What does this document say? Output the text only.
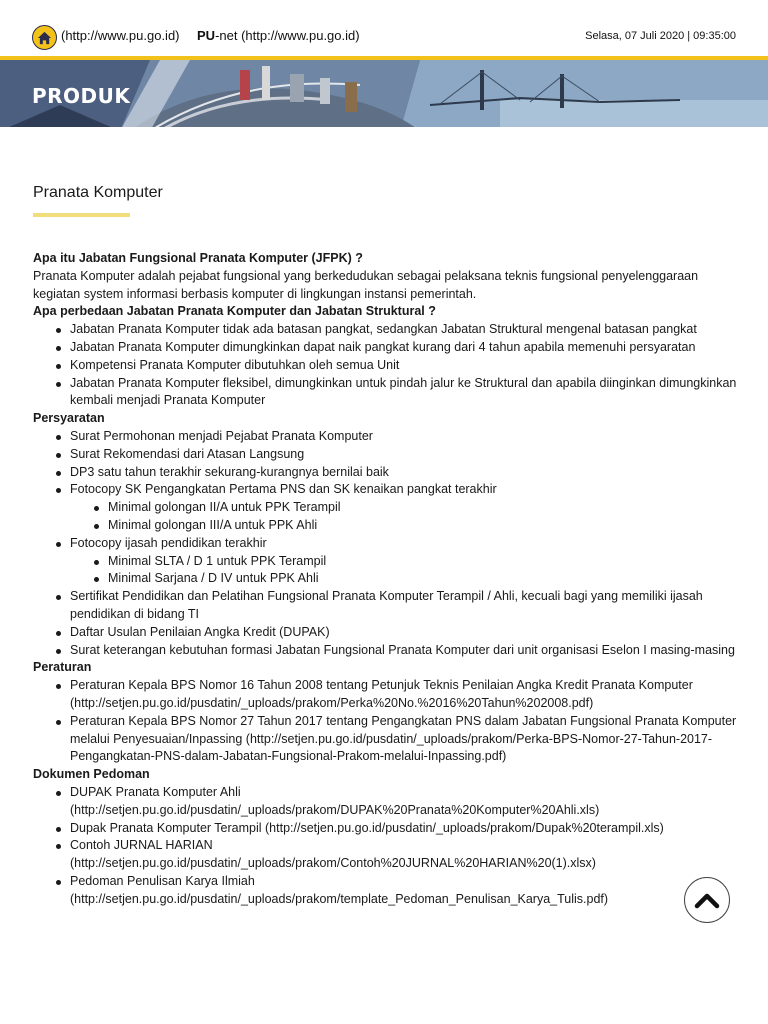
(http://www.pu.go.id) PU-net (http://www.pu.go.id)	Selasa, 07 Juli 2020 | 09:35:00
PRODUK
Pranata Komputer
Apa itu Jabatan Fungsional Pranata Komputer (JFPK) ?

Pranata Komputer adalah pejabat fungsional yang berkedudukan sebagai pelaksana teknis fungsional penyelenggaraan kegiatan system informasi berbasis komputer di lingkungan instansi pemerintah.

Apa perbedaan Jabatan Pranata Komputer dan Jabatan Struktural ?
Jabatan Pranata Komputer tidak ada batasan pangkat, sedangkan Jabatan Struktural mengenal batasan pangkat
Jabatan Pranata Komputer dimungkinkan dapat naik pangkat kurang dari 4 tahun apabila memenuhi persyaratan
Kompetensi Pranata Komputer dibutuhkan oleh semua Unit
Jabatan Pranata Komputer fleksibel, dimungkinkan untuk pindah jalur ke Struktural dan apabila diinginkan dimungkinkan kembali menjadi Pranata Komputer
Persyaratan
Surat Permohonan menjadi Pejabat Pranata Komputer
Surat Rekomendasi dari Atasan Langsung
DP3 satu tahun terakhir sekurang-kurangnya bernilai baik
Fotocopy SK Pengangkatan Pertama PNS dan SK kenaikan pangkat terakhir
Minimal golongan II/A untuk PPK Terampil
Minimal golongan III/A untuk PPK Ahli
Fotocopy ijasah pendidikan terakhir
Minimal SLTA / D 1 untuk PPK Terampil
Minimal Sarjana / D IV untuk PPK Ahli
Sertifikat Pendidikan dan Pelatihan Fungsional Pranata Komputer Terampil / Ahli, kecuali bagi yang memiliki ijasah pendidikan di bidang TI
Daftar Usulan Penilaian Angka Kredit (DUPAK)
Surat keterangan kebutuhan formasi Jabatan Fungsional Pranata Komputer dari unit organisasi Eselon I masing-masing
Peraturan
Peraturan Kepala BPS Nomor 16 Tahun 2008 tentang Petunjuk Teknis Penilaian Angka Kredit Pranata Komputer (http://setjen.pu.go.id/pusdatin/_uploads/prakom/Perka%20No.%2016%20Tahun%202008.pdf)
Peraturan Kepala BPS Nomor 27 Tahun 2017 tentang Pengangkatan PNS dalam Jabatan Fungsional Pranata Komputer melalui Penyesuaian/Inpassing (http://setjen.pu.go.id/pusdatin/_uploads/prakom/Perka-BPS-Nomor-27-Tahun-2017-Pengangkatan-PNS-dalam-Jabatan-Fungsional-Prakom-melalui-Inpassing.pdf)
Dokumen Pedoman
DUPAK Pranata Komputer Ahli (http://setjen.pu.go.id/pusdatin/_uploads/prakom/DUPAK%20Pranata%20Komputer%20Ahli.xls)
Dupak Pranata Komputer Terampil (http://setjen.pu.go.id/pusdatin/_uploads/prakom/Dupak%20terampil.xls)
Contoh JURNAL HARIAN (http://setjen.pu.go.id/pusdatin/_uploads/prakom/Contoh%20JURNAL%20HARIAN%20(1).xlsx)
Pedoman Penulisan Karya Ilmiah (http://setjen.pu.go.id/pusdatin/_uploads/prakom/template_Pedoman_Penulisan_Karya_Tulis.pdf)
